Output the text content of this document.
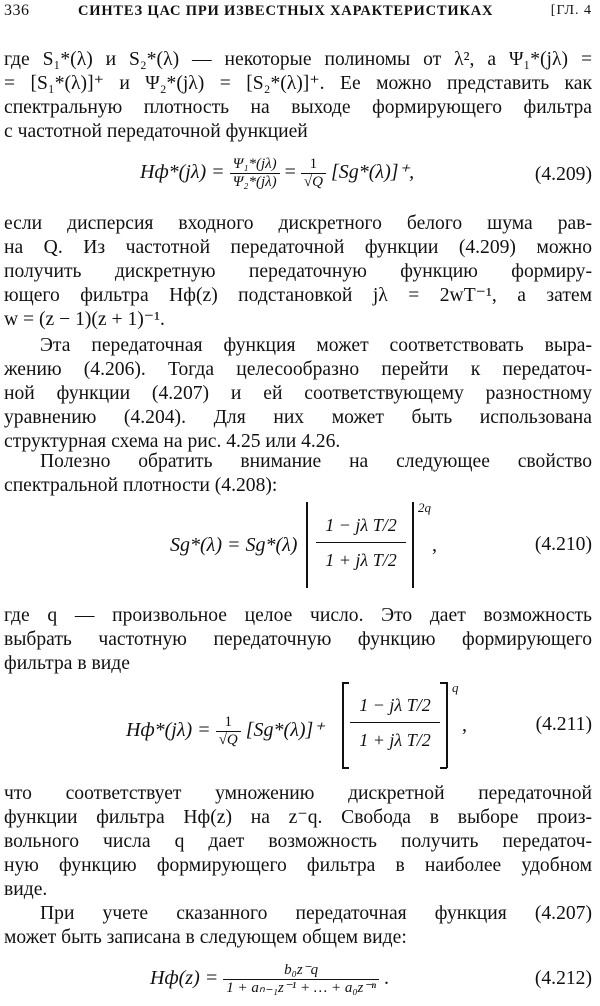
336	СИНТЕЗ ЦАС ПРИ ИЗВЕСТНЫХ ХАРАКТЕРИСТИКАХ	[ГЛ. 4
где S₁*(λ) и S₂*(λ) — некоторые полиномы от λ², а Ψ₁*(jλ) =
= [S₁*(λ)]⁺ и Ψ₂*(jλ) = [S₂*(λ)]⁺. Ее можно представить как
спектральную плотность на выходе формирующего фильтра
с частотной передаточной функцией
$Hф*(j\lambda) = \frac{\text{Ψ₁*(jλ)}}{\text{Ψ₂*(jλ)}} = \frac{1}{√Q} [Sg*(\lambda)]^+$,	(4.209)
если дисперсия входного дискретного белого шума рав-
на Q. Из частотной передаточной функции (4.209) можно
получить дискретную передаточную функцию формиру-
ющего фильтра Hф(z) подстановкой jλ = 2wT⁻¹, а затем
w = (z − 1)(z + 1)⁻¹.
Эта передаточная функция может соответствовать выра-
жению (4.206). Тогда целесообразно перейти к передаточ-
ной функции (4.207) и ей соответствующему разностному
уравнению (4.204). Для них может быть использована
структурная схема на рис. 4.25 или 4.26.
Полезно обратить внимание на следующее свойство
спектральной плотности (4.208):
Sg*(λ) = Sg*(λ)
1 − jλ T/2
1 + jλ T/2
2q
,	(4.210)
где q — произвольное целое число. Это дает возможность
выбрать частотную передаточную функцию формирующего
фильтра в виде
$Hф*(j\lambda) = \frac{1}{√Q} [Sg*(\lambda)]^+$
1 − jλ T/2
1 + jλ T/2
q
,	(4.211)
что соответствует умножению дискретной передаточной
функции фильтра Hф(z) на z⁻q. Свобода в выборе произ-
вольного числа q дает возможность получить передаточ-
ную функцию формирующего фильтра в наиболее удобном
виде.
При учете сказанного передаточная функция (4.207)
может быть записана в следующем общем виде:
$Hф(z) = \frac{\text{b₀z⁻q}}{\text{1 + aₙ₋₁z⁻¹ + … + a₀z⁻ⁿ}}$ .	(4.212)
